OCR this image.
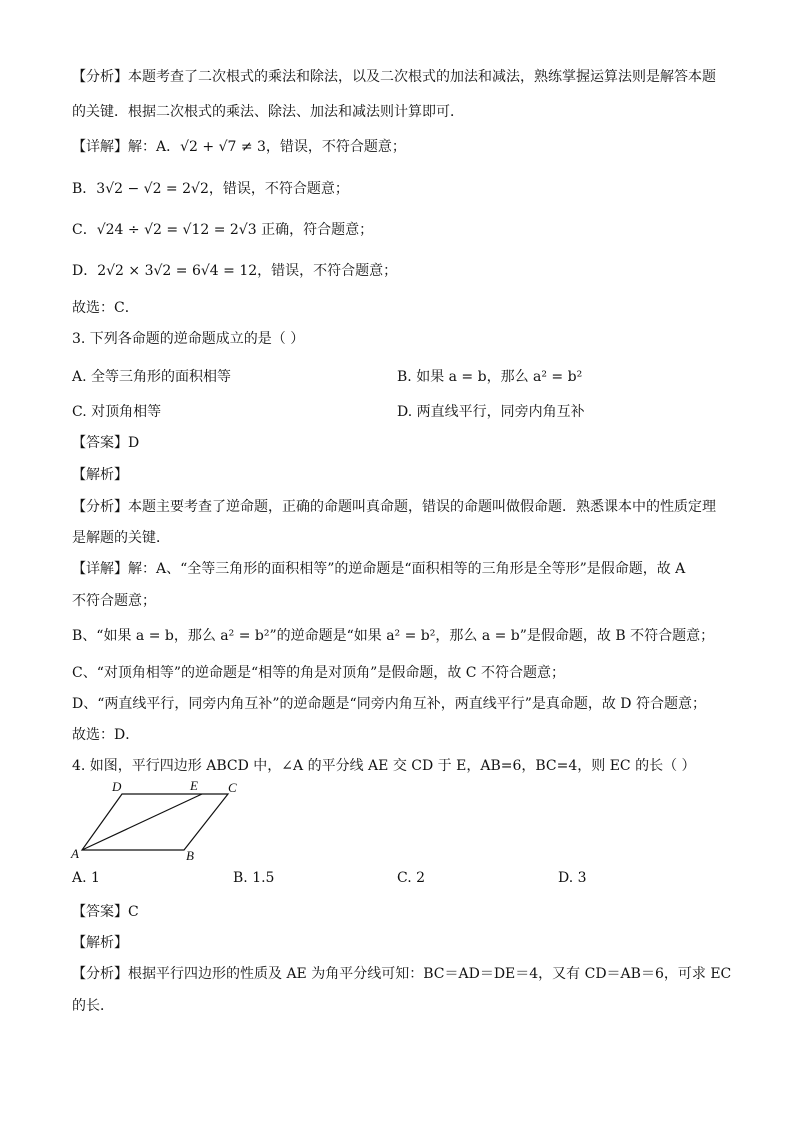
【分析】本题考查了二次根式的乘法和除法，以及二次根式的加法和减法，熟练掌握运算法则是解答本题
的关键．根据二次根式的乘法、除法、加法和减法则计算即可．
【详解】解：A．√2 + √7 ≠ 3，错误，不符合题意；
B．3√2 − √2 = 2√2，错误，不符合题意；
C．√24 ÷ √2 = √12 = 2√3 正确，符合题意；
D．2√2 × 3√2 = 6√4 = 12，错误，不符合题意；
故选：C．
3. 下列各命题的逆命题成立的是（ ）
A. 全等三角形的面积相等	B. 如果 a = b，那么 a² = b²
C. 对顶角相等	D. 两直线平行，同旁内角互补
【答案】D
【解析】
【分析】本题主要考查了逆命题，正确的命题叫真命题，错误的命题叫做假命题．熟悉课本中的性质定理
是解题的关键．
【详解】解：A、“全等三角形的面积相等”的逆命题是“面积相等的三角形是全等形”是假命题，故 A
不符合题意；
B、“如果 a = b，那么 a² = b²”的逆命题是“如果 a² = b²，那么 a = b”是假命题，故 B 不符合题意；
C、“对顶角相等”的逆命题是“相等的角是对顶角”是假命题，故 C 不符合题意；
D、“两直线平行，同旁内角互补”的逆命题是“同旁内角互补，两直线平行”是真命题，故 D 符合题意；
故选：D．
4. 如图，平行四边形 ABCD 中，∠A 的平分线 AE 交 CD 于 E，AB=6，BC=4，则 EC 的长（ ）
A	B
C
D	E
A. 1	B. 1.5	C. 2	D. 3
【答案】C
【解析】
【分析】根据平行四边形的性质及 AE 为角平分线可知：BC＝AD＝DE＝4，又有 CD＝AB＝6，可求 EC
的长．
